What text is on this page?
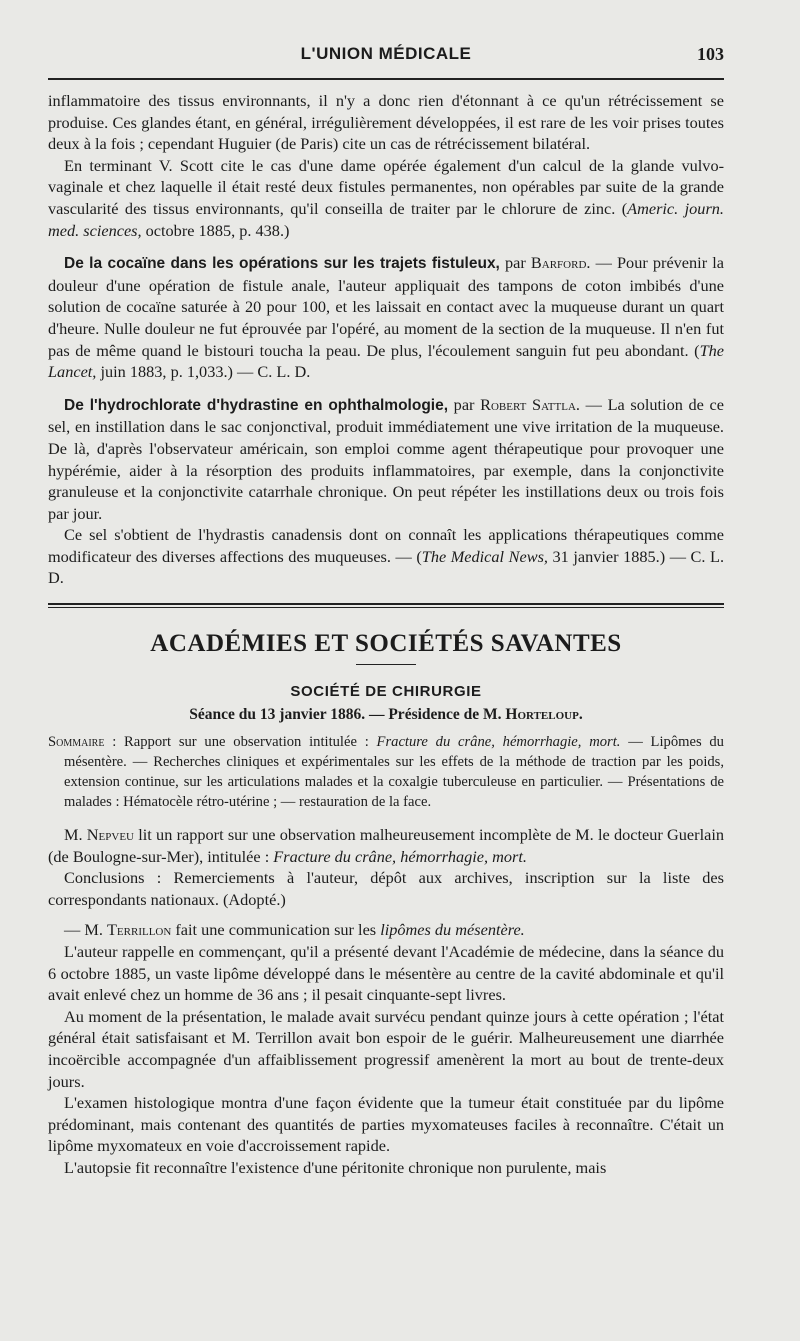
L'UNION MÉDICALE	103

inflammatoire des tissus environnants, il n'y a donc rien d'étonnant à ce qu'un rétrécissement se produise. Ces glandes étant, en général, irrégulièrement développées, il est rare de les voir prises toutes deux à la fois ; cependant Huguier (de Paris) cite un cas de rétrécissement bilatéral.

En terminant V. Scott cite le cas d'une dame opérée également d'un calcul de la glande vulvo-vaginale et chez laquelle il était resté deux fistules permanentes, non opérables par suite de la grande vascularité des tissus environnants, qu'il conseilla de traiter par le chlorure de zinc. (Americ. journ. med. sciences, octobre 1885, p. 438.)

De la cocaïne dans les opérations sur les trajets fistuleux, par Barford. — Pour prévenir la douleur d'une opération de fistule anale, l'auteur appliquait des tampons de coton imbibés d'une solution de cocaïne saturée à 20 pour 100, et les laissait en contact avec la muqueuse durant un quart d'heure. Nulle douleur ne fut éprouvée par l'opéré, au moment de la section de la muqueuse. Il n'en fut pas de même quand le bistouri toucha la peau. De plus, l'écoulement sanguin fut peu abondant. (The Lancet, juin 1883, p. 1,033.) — C. L. D.

De l'hydrochlorate d'hydrastine en ophthalmologie, par Robert Sattla. — La solution de ce sel, en instillation dans le sac conjonctival, produit immédiatement une vive irritation de la muqueuse. De là, d'après l'observateur américain, son emploi comme agent thérapeutique pour provoquer une hypérémie, aider à la résorption des produits inflammatoires, par exemple, dans la conjonctivite granuleuse et la conjonctivite catarrhale chronique. On peut répéter les instillations deux ou trois fois par jour.

Ce sel s'obtient de l'hydrastis canadensis dont on connaît les applications thérapeutiques comme modificateur des diverses affections des muqueuses. — (The Medical News, 31 janvier 1885.) — C. L. D.

ACADÉMIES ET SOCIÉTÉS SAVANTES
SOCIÉTÉ DE CHIRURGIE
Séance du 13 janvier 1886. — Présidence de M. Horteloup.
Sommaire : Rapport sur une observation intitulée : Fracture du crâne, hémorrhagie, mort. — Lipômes du mésentère. — Recherches cliniques et expérimentales sur les effets de la méthode de traction par les poids, extension continue, sur les articulations malades et la coxalgie tuberculeuse en particulier. — Présentations de malades : Hématocèle rétro-utérine ; — restauration de la face.

M. Nepveu lit un rapport sur une observation malheureusement incomplète de M. le docteur Guerlain (de Boulogne-sur-Mer), intitulée : Fracture du crâne, hémorrhagie, mort.

Conclusions : Remerciements à l'auteur, dépôt aux archives, inscription sur la liste des correspondants nationaux. (Adopté.)

— M. Terrillon fait une communication sur les lipômes du mésentère.

L'auteur rappelle en commençant, qu'il a présenté devant l'Académie de médecine, dans la séance du 6 octobre 1885, un vaste lipôme développé dans le mésentère au centre de la cavité abdominale et qu'il avait enlevé chez un homme de 36 ans ; il pesait cinquante-sept livres.

Au moment de la présentation, le malade avait survécu pendant quinze jours à cette opération ; l'état général était satisfaisant et M. Terrillon avait bon espoir de le guérir. Malheureusement une diarrhée incoërcible accompagnée d'un affaiblissement progressif amenèrent la mort au bout de trente-deux jours.

L'examen histologique montra d'une façon évidente que la tumeur était constituée par du lipôme prédominant, mais contenant des quantités de parties myxomateuses faciles à reconnaître. C'était un lipôme myxomateux en voie d'accroissement rapide.

L'autopsie fit reconnaître l'existence d'une péritonite chronique non purulente, mais
